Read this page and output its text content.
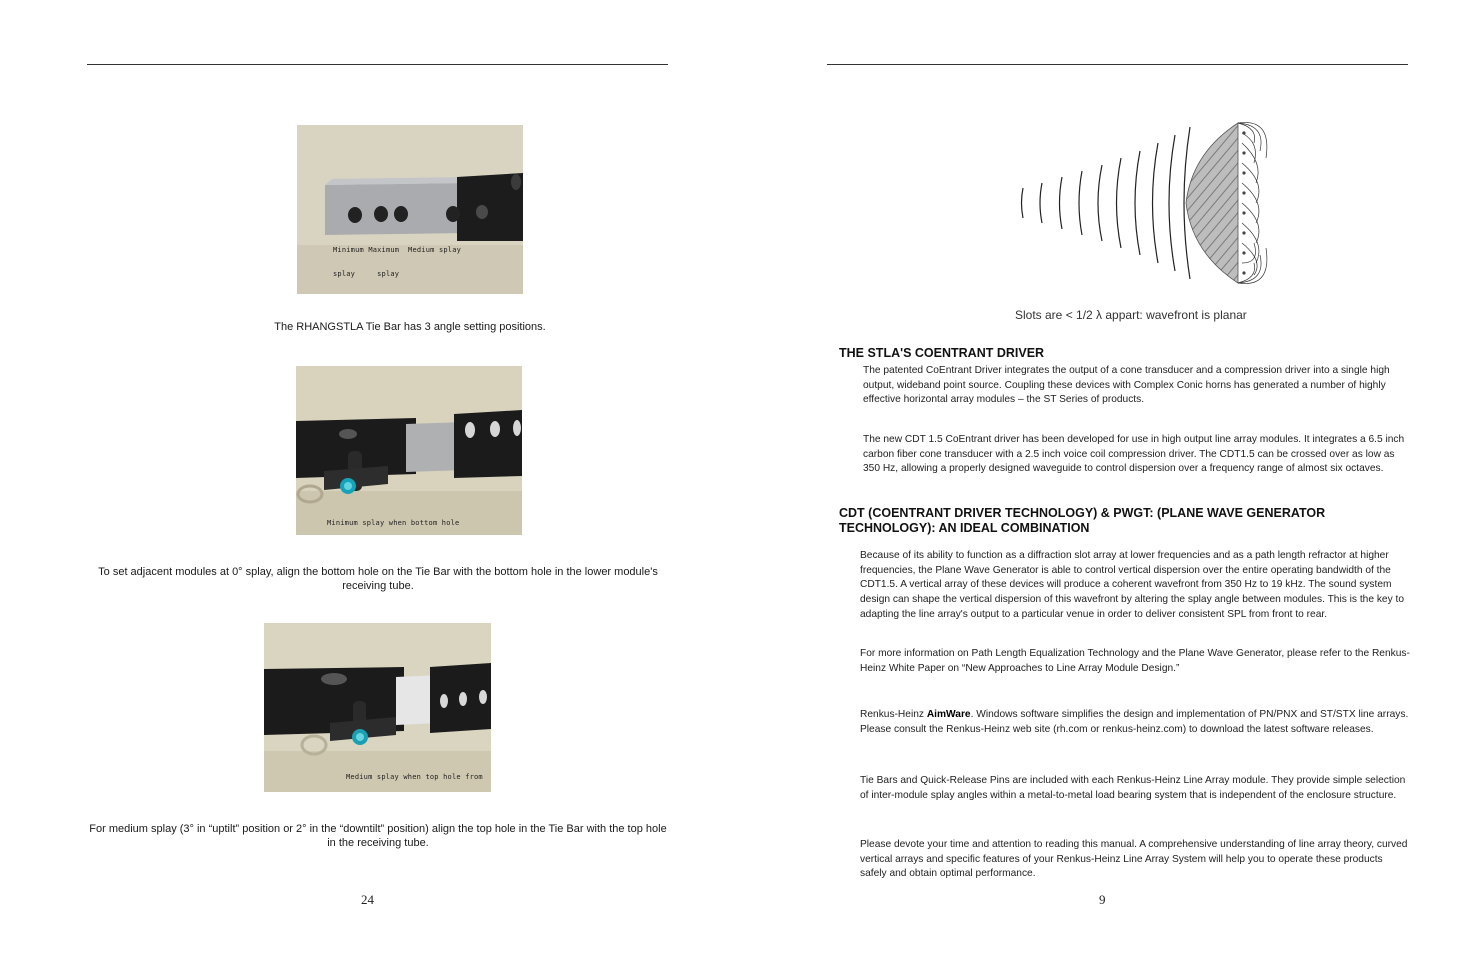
Minimum Maximum  Medium splay

splay     splay

The RHANGSTLA Tie Bar has 3 angle setting positions.

Minimum splay when bottom hole

To set adjacent modules at 0° splay, align the bottom hole on the Tie Bar with the bottom hole in the lower module's receiving tube.

Medium splay when top hole from

For medium splay (3° in “uptilt” position or 2° in the “downtilt” position) align the top hole in the Tie Bar with the top hole in the receiving tube.
24
Slots are < 1/2 λ appart: wavefront is planar
THE STLA'S COENTRANT DRIVER
The patented CoEntrant Driver integrates the output of a cone transducer and a compression driver into a single high output, wideband point source. Coupling these devices with Complex Conic horns has generated a number of highly effective horizontal array modules – the ST Series of products.
The new CDT 1.5 CoEntrant driver has been developed for use in high output line array modules. It integrates a 6.5 inch carbon fiber cone transducer with a 2.5 inch voice coil compression driver. The CDT1.5 can be crossed over as low as 350 Hz, allowing a properly designed waveguide to control dispersion over a frequency range of almost six octaves.
CDT (COENTRANT DRIVER TECHNOLOGY) & PWGT: (PLANE WAVE GENERATOR TECHNOLOGY): AN IDEAL COMBINATION
Because of its ability to function as a diffraction slot array at lower frequencies and as a path length refractor at higher frequencies, the Plane Wave Generator is able to control vertical dispersion over the entire operating bandwidth of the CDT1.5. A vertical array of these devices will produce a coherent wavefront from 350 Hz to 19 kHz. The sound system design can shape the vertical dispersion of this wavefront by altering the splay angle between modules. This is the key to adapting the line array's output to a particular venue in order to deliver consistent SPL from front to rear.
For more information on Path Length Equalization Technology and the Plane Wave Generator, please refer to the Renkus-Heinz White Paper on “New Approaches to Line Array Module Design.”
Renkus-Heinz AimWare. Windows software simplifies the design and implementation of PN/PNX and ST/STX line arrays. Please consult the Renkus-Heinz web site (rh.com or renkus-heinz.com) to download the latest software releases.
Tie Bars and Quick-Release Pins are included with each Renkus-Heinz Line Array module. They provide simple selection of inter-module splay angles within a metal-to-metal load bearing system that is independent of the enclosure structure.
Please devote your time and attention to reading this manual. A comprehensive understanding of line array theory, curved vertical arrays and specific features of your Renkus-Heinz Line Array System will help you to operate these products safely and obtain optimal performance.
9
